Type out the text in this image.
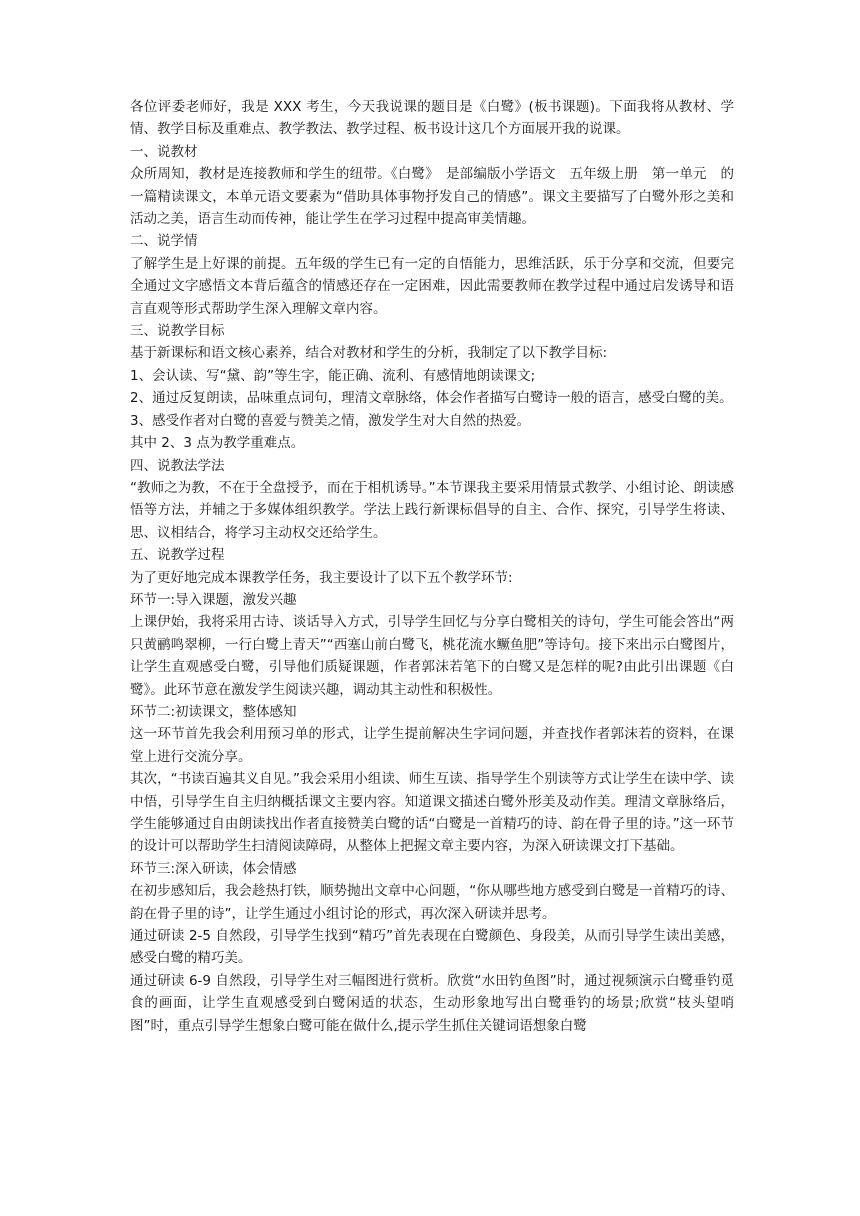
各位评委老师好，我是 XXX 考生，今天我说课的题目是《白鹭》(板书课题)。下面我将从教材、学情、教学目标及重难点、教学教法、教学过程、板书设计这几个方面展开我的说课。

一、说教材

众所周知，教材是连接教师和学生的纽带。《白鹭》　是部编版小学语文　五年级上册　第一单元　的一篇精读课文，本单元语文要素为“借助具体事物抒发自己的情感”。课文主要描写了白鹭外形之美和活动之美，语言生动而传神，能让学生在学习过程中提高审美情趣。

二、说学情

了解学生是上好课的前提。五年级的学生已有一定的自悟能力，思维活跃，乐于分享和交流，但要完全通过文字感悟文本背后蕴含的情感还存在一定困难，因此需要教师在教学过程中通过启发诱导和语言直观等形式帮助学生深入理解文章内容。

三、说教学目标

基于新课标和语文核心素养，结合对教材和学生的分析，我制定了以下教学目标:

1、会认读、写“黛、韵”等生字，能正确、流利、有感情地朗读课文;

2、通过反复朗读，品味重点词句，理清文章脉络，体会作者描写白鹭诗一般的语言，感受白鹭的美。

3、感受作者对白鹭的喜爱与赞美之情，激发学生对大自然的热爱。

其中 2、3 点为教学重难点。

四、说教法学法

“教师之为教，不在于全盘授予，而在于相机诱导。”本节课我主要采用情景式教学、小组讨论、朗读感悟等方法，并辅之于多媒体组织教学。学法上践行新课标倡导的自主、合作、探究，引导学生将读、思、议相结合，将学习主动权交还给学生。

五、说教学过程

为了更好地完成本课教学任务，我主要设计了以下五个教学环节:

环节一:导入课题，激发兴趣

上课伊始，我将采用古诗、谈话导入方式，引导学生回忆与分享白鹭相关的诗句，学生可能会答出“两只黄鹂鸣翠柳，一行白鹭上青天”“西塞山前白鹭飞，桃花流水鳜鱼肥”等诗句。接下来出示白鹭图片，让学生直观感受白鹭，引导他们质疑课题，作者郭沫若笔下的白鹭又是怎样的呢?由此引出课题《白鹭》。此环节意在激发学生阅读兴趣，调动其主动性和积极性。

环节二:初读课文，整体感知

这一环节首先我会利用预习单的形式，让学生提前解决生字词问题，并查找作者郭沫若的资料，在课堂上进行交流分享。

其次，“书读百遍其义自见。”我会采用小组读、师生互读、指导学生个别读等方式让学生在读中学、读中悟，引导学生自主归纳概括课文主要内容。知道课文描述白鹭外形美及动作美。理清文章脉络后，学生能够通过自由朗读找出作者直接赞美白鹭的话“白鹭是一首精巧的诗、韵在骨子里的诗。”这一环节的设计可以帮助学生扫清阅读障碍，从整体上把握文章主要内容，为深入研读课文打下基础。

环节三:深入研读，体会情感

在初步感知后，我会趁热打铁，顺势抛出文章中心问题，“你从哪些地方感受到白鹭是一首精巧的诗、韵在骨子里的诗”，让学生通过小组讨论的形式，再次深入研读并思考。

通过研读 2-5 自然段，引导学生找到“精巧”首先表现在白鹭颜色、身段美，从而引导学生读出美感，感受白鹭的精巧美。

通过研读 6-9 自然段，引导学生对三幅图进行赏析。欣赏“水田钓鱼图”时，通过视频演示白鹭垂钓觅食的画面，让学生直观感受到白鹭闲适的状态，生动形象地写出白鹭垂钓的场景;欣赏“枝头望哨图”时，重点引导学生想象白鹭可能在做什么,提示学生抓住关键词语想象白鹭
